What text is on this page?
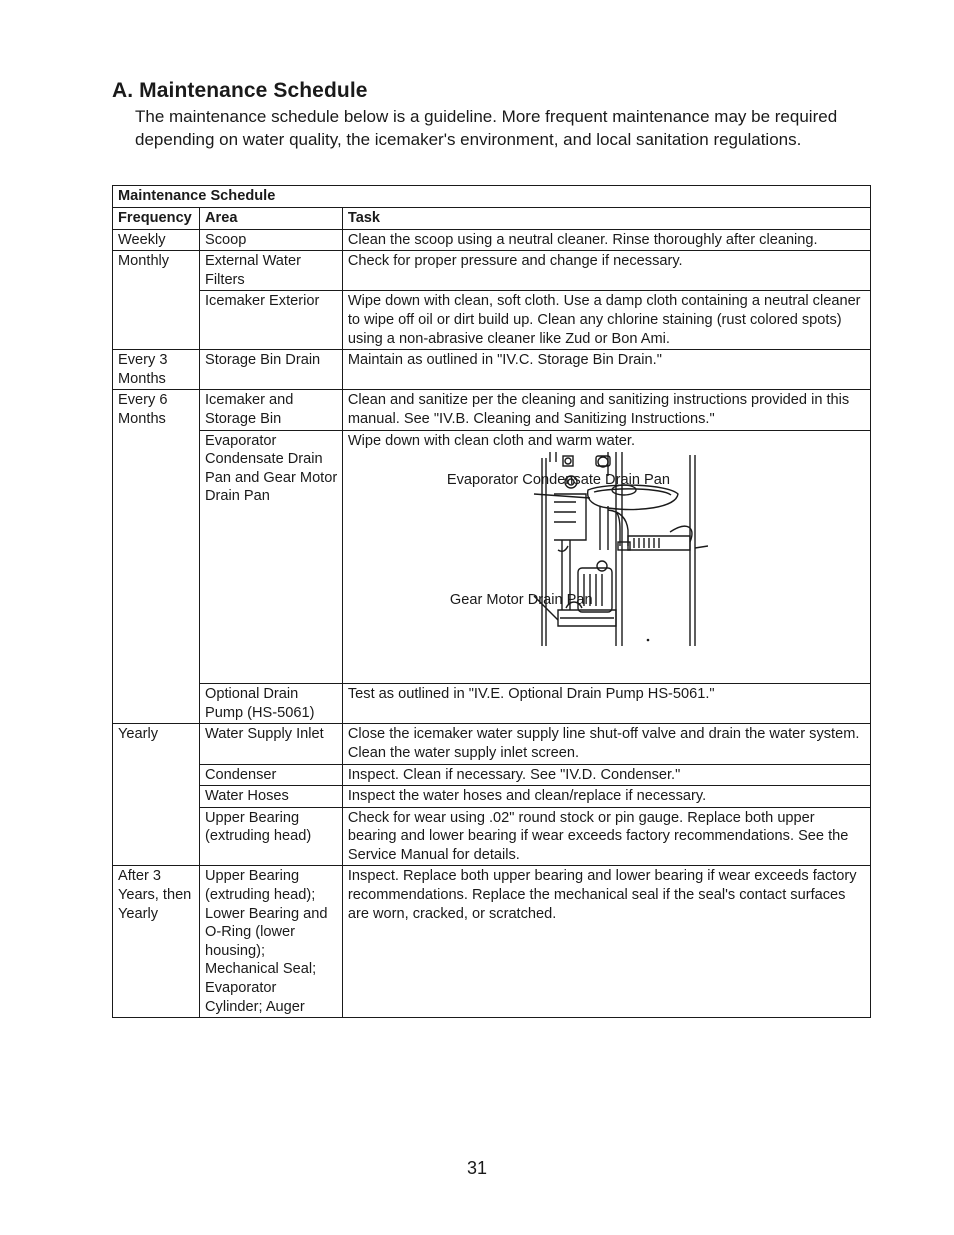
A. Maintenance Schedule

The maintenance schedule below is a guideline. More frequent maintenance may be required depending on water quality, the icemaker's environment, and local sanitation regulations.

Maintenance Schedule		
Frequency	Area	Task
Weekly	Scoop	Clean the scoop using a neutral cleaner. Rinse thoroughly after cleaning.
Monthly	External Water Filters	Check for proper pressure and change if necessary.
	Icemaker Exterior	Wipe down with clean, soft cloth. Use a damp cloth containing a neutral cleaner to wipe off oil or dirt build up. Clean any chlorine staining (rust colored spots) using a non-abrasive cleaner like Zud or Bon Ami.
Every 3 Months	Storage Bin Drain	Maintain as outlined in "IV.C. Storage Bin Drain."
Every 6 Months	Icemaker and Storage Bin	Clean and sanitize per the cleaning and sanitizing instructions provided in this manual. See "IV.B. Cleaning and Sanitizing Instructions."
	Evaporator Condensate Drain Pan and Gear Motor Drain Pan	Wipe down with clean cloth and warm water.
Evaporator Condensate Drain Pan
Gear Motor Drain Pan

	Optional Drain Pump (HS-5061)	Test as outlined in "IV.E. Optional Drain Pump HS-5061."
Yearly	Water Supply Inlet	Close the icemaker water supply line shut-off valve and drain the water system. Clean the water supply inlet screen.
	Condenser	Inspect. Clean if necessary. See "IV.D. Condenser."
	Water Hoses	Inspect the water hoses and clean/replace if necessary.
	Upper Bearing (extruding head)	Check for wear using .02" round stock or pin gauge. Replace both upper bearing and lower bearing if wear exceeds factory recommendations. See the Service Manual for details.
After 3 Years, then Yearly	Upper Bearing (extruding head); Lower Bearing and O-Ring (lower housing); Mechanical Seal; Evaporator Cylinder; Auger	Inspect. Replace both upper bearing and lower bearing if wear exceeds factory recommendations. Replace the mechanical seal if the seal's contact surfaces are worn, cracked, or scratched.
31
